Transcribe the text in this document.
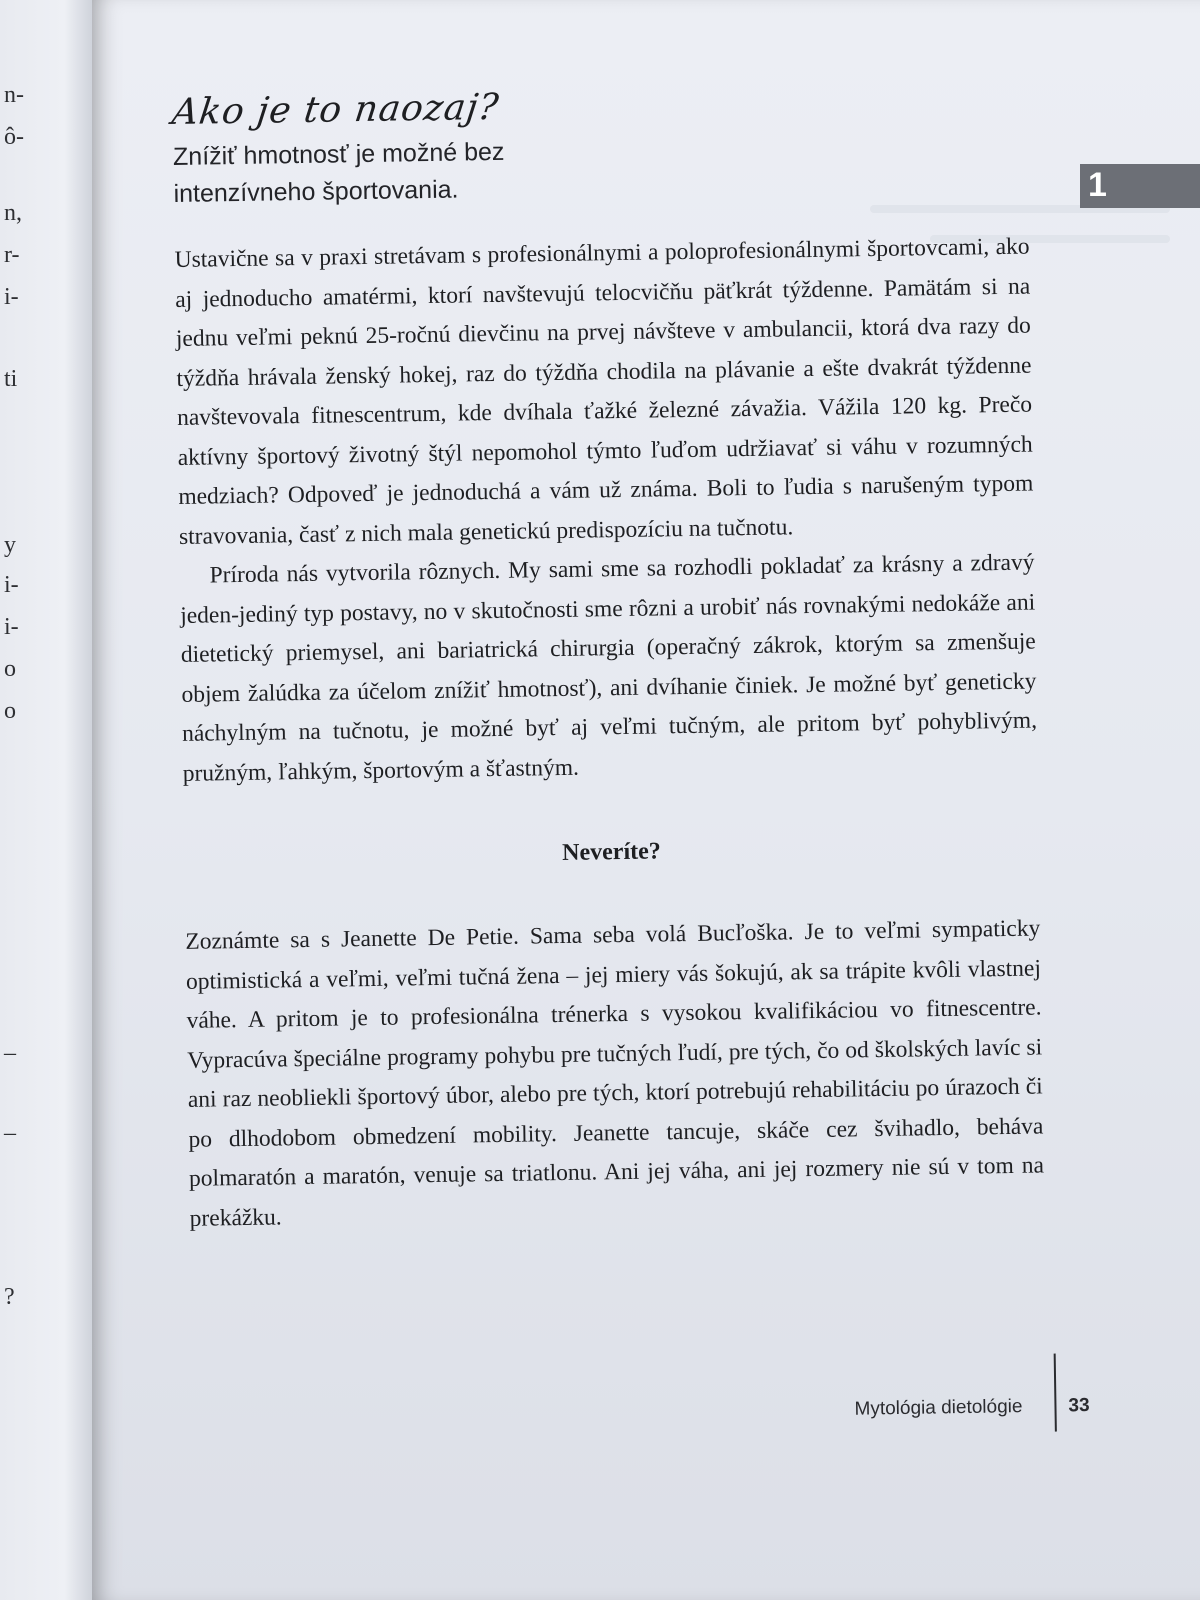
n-
ô-
n,
r-
i-
ti
y
i-
i-
o
o
–
–
?
1
Ako je to naozaj?
Znížiť hmotnosť je možné bez intenzívneho športovania.

Ustavične sa v praxi stretávam s profesionálnymi a poloprofesionálnymi športovcami, ako aj jednoducho amatérmi, ktorí navštevujú telocvičňu päťkrát týždenne. Pamätám si na jednu veľmi peknú 25-ročnú dievčinu na prvej návšteve v ambulancii, ktorá dva razy do týždňa hrávala ženský hokej, raz do týždňa chodila na plávanie a ešte dvakrát týždenne navštevovala fitnescentrum, kde dvíhala ťažké železné závažia. Vážila 120 kg. Prečo aktívny športový životný štýl nepomohol týmto ľuďom udržiavať si váhu v rozumných medziach? Odpoveď je jednoduchá a vám už známa. Boli to ľudia s narušeným typom stravovania, časť z nich mala genetickú predispozíciu na tučnotu.

Príroda nás vytvorila rôznych. My sami sme sa rozhodli pokladať za krásny a zdravý jeden-jediný typ postavy, no v skutočnosti sme rôzni a urobiť nás rovnakými nedokáže ani dietetický priemysel, ani bariatrická chirurgia (operačný zákrok, ktorým sa zmenšuje objem žalúdka za účelom znížiť hmotnosť), ani dvíhanie činiek. Je možné byť geneticky náchylným na tučnotu, je možné byť aj veľmi tučným, ale pritom byť pohyblivým, pružným, ľahkým, športovým a šťastným.

Neveríte?

Zoznámte sa s Jeanette De Petie. Sama seba volá Bucľoška. Je to veľmi sympaticky optimistická a veľmi, veľmi tučná žena – jej miery vás šokujú, ak sa trápite kvôli vlastnej váhe. A pritom je to profesionálna trénerka s vysokou kvalifikáciou vo fitnescentre. Vypracúva špeciálne programy pohybu pre tučných ľudí, pre tých, čo od školských lavíc si ani raz neobliekli športový úbor, alebo pre tých, ktorí potrebujú rehabilitáciu po úrazoch či po dlhodobom obmedzení mobility. Jeanette tancuje, skáče cez švihadlo, beháva polmaratón a maratón, venuje sa triatlonu. Ani jej váha, ani jej rozmery nie sú v tom na prekážku.

Mytológia dietológie 33
